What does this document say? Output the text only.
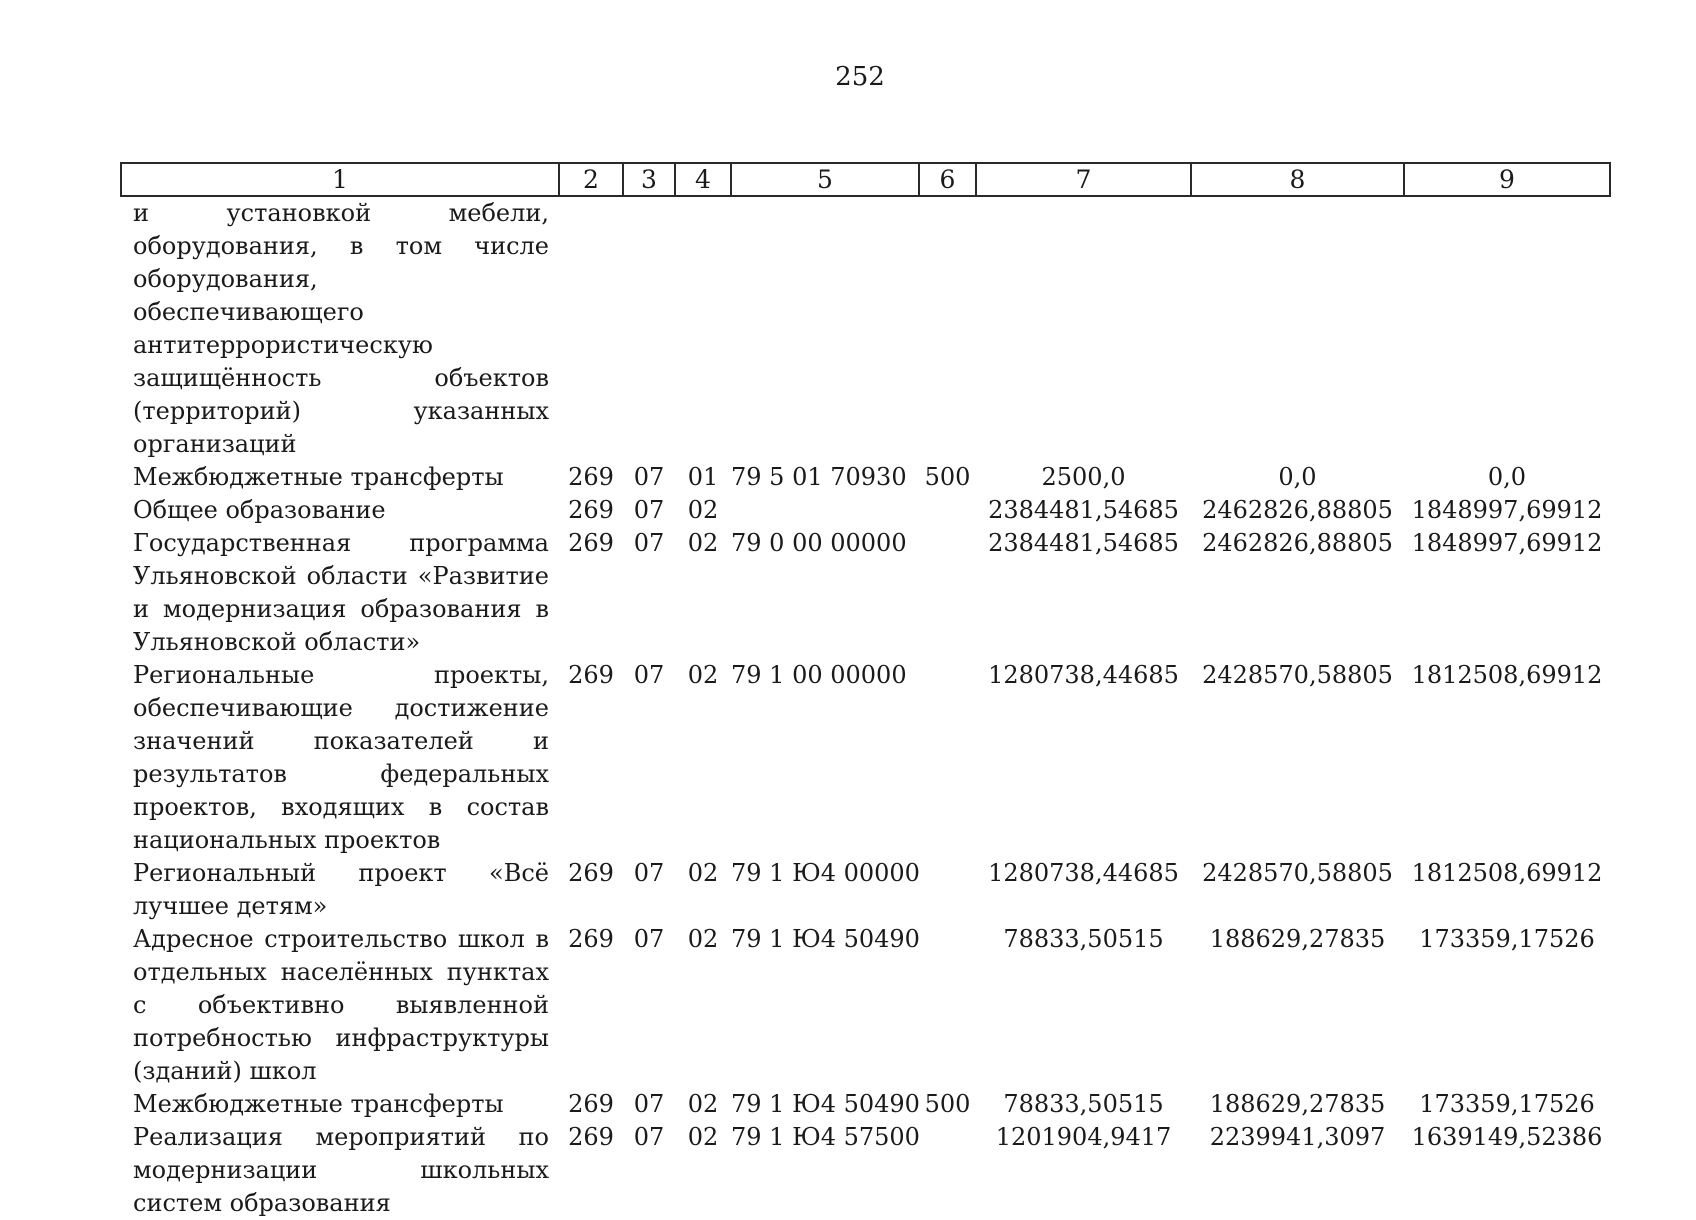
252
1	2	3	4	5	6	7	8	9
и установкой мебели, оборудования, в том числе оборудования, обеспечивающего антитеррористическую защищённость объектов (территорий) указанных организаций								
Межбюджетные трансферты	269	07	01	79 5 01 70930	500	2500,0	0,0	0,0
Общее образование	269	07	02			2384481,54685	2462826,88805	1848997,69912
Государственная программа Ульяновской области «Развитие и модернизация образования в Ульяновской области»	269	07	02	79 0 00 00000		2384481,54685	2462826,88805	1848997,69912
Региональные проекты, обеспечивающие достижение значений показателей и результатов федеральных проектов, входящих в состав национальных проектов	269	07	02	79 1 00 00000		1280738,44685	2428570,58805	1812508,69912
Региональный проект «Всё лучшее детям»	269	07	02	79 1 Ю4 00000		1280738,44685	2428570,58805	1812508,69912
Адресное строительство школ в отдельных населённых пунктах с объективно выявленной потребностью инфраструктуры (зданий) школ	269	07	02	79 1 Ю4 50490		78833,50515	188629,27835	173359,17526
Межбюджетные трансферты	269	07	02	79 1 Ю4 50490	500	78833,50515	188629,27835	173359,17526
Реализация мероприятий по модернизации школьных систем образования	269	07	02	79 1 Ю4 57500		1201904,9417	2239941,3097	1639149,52386
